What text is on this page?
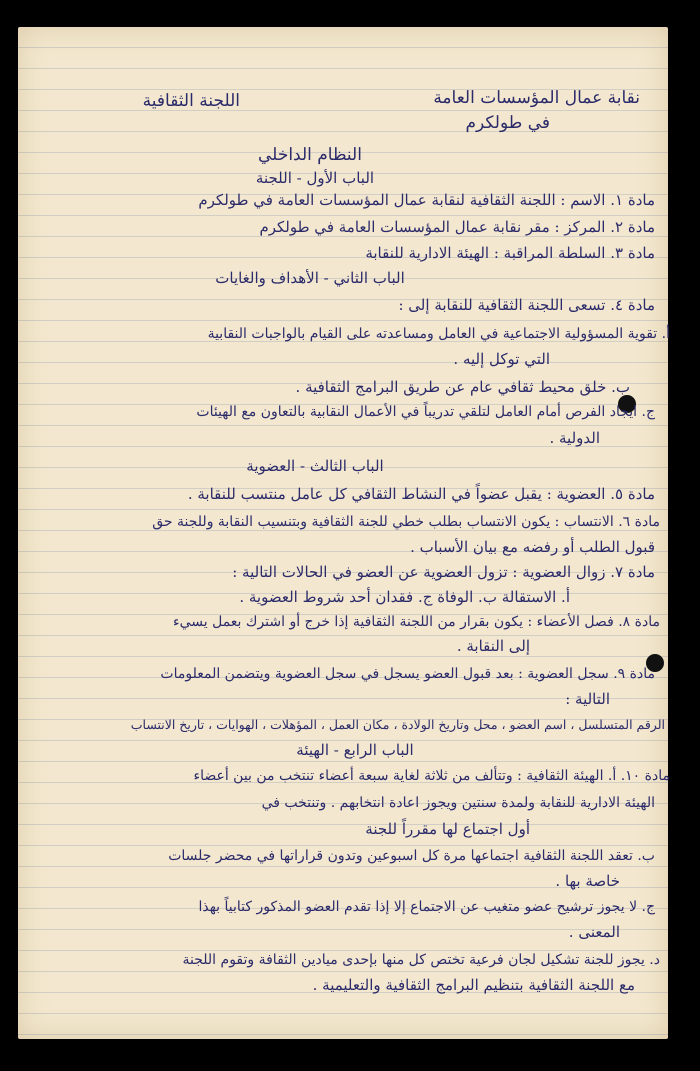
نقابة عمال المؤسسات العامة
في طولكرم
اللجنة الثقافية
النظام الداخلي
الباب الأول - اللجنة
مادة ١. الاسم : اللجنة الثقافية لنقابة عمال المؤسسات العامة في طولكرم
مادة ٢. المركز : مقر نقابة عمال المؤسسات العامة في طولكرم
مادة ٣. السلطة المراقبة : الهيئة الادارية للنقابة
الباب الثاني - الأهداف والغايات
مادة ٤. تسعى اللجنة الثقافية للنقابة إلى :
أ. تقوية المسؤولية الاجتماعية في العامل ومساعدته على القيام بالواجبات النقابية
التي توكل إليه .
ب. خلق محيط ثقافي عام عن طريق البرامج الثقافية .
ج. ايجاد الفرص أمام العامل لتلقي تدريباً في الأعمال النقابية بالتعاون مع الهيئات
الدولية .
الباب الثالث - العضوية
مادة ٥. العضوية : يقبل عضواً في النشاط الثقافي كل عامل منتسب للنقابة .
مادة ٦. الانتساب : يكون الانتساب بطلب خطي للجنة الثقافية وبتنسيب النقابة وللجنة حق
قبول الطلب أو رفضه مع بيان الأسباب .
مادة ٧. زوال العضوية : تزول العضوية عن العضو في الحالات التالية :
أ. الاستقالة ب. الوفاة ج. فقدان أحد شروط العضوية .
مادة ٨. فصل الأعضاء : يكون بقرار من اللجنة الثقافية إذا خرج أو اشترك بعمل يسيء
إلى النقابة .
مادة ٩. سجل العضوية : بعد قبول العضو يسجل في سجل العضوية ويتضمن المعلومات
التالية :
الرقم المتسلسل ، اسم العضو ، محل وتاريخ الولادة ، مكان العمل ، المؤهلات ، الهوايات ، تاريخ الانتساب
الباب الرابع - الهيئة
مادة ١٠. أ. الهيئة الثقافية : وتتألف من ثلاثة لغاية سبعة أعضاء تنتخب من بين أعضاء
الهيئة الادارية للنقابة ولمدة سنتين ويجوز اعادة انتخابهم . وتنتخب في
أول اجتماع لها مقرراً للجنة
ب. تعقد اللجنة الثقافية اجتماعها مرة كل اسبوعين وتدون قراراتها في محضر جلسات
خاصة بها .
ج. لا يجوز ترشيح عضو متغيب عن الاجتماع إلا إذا تقدم العضو المذكور كتابياً بهذا
المعنى .
د. يجوز للجنة تشكيل لجان فرعية تختص كل منها بإحدى ميادين الثقافة وتقوم اللجنة
مع اللجنة الثقافية بتنظيم البرامج الثقافية والتعليمية .
